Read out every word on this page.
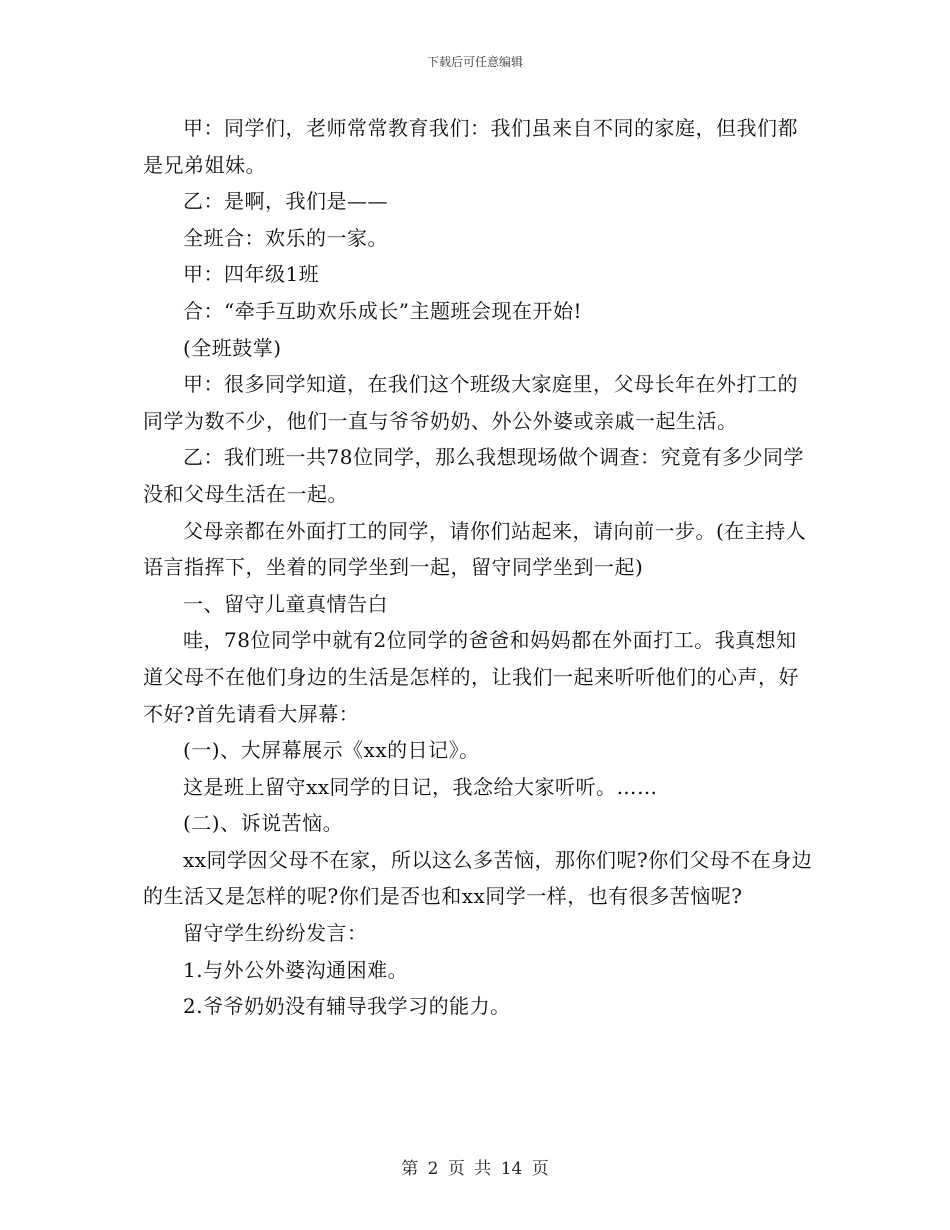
下载后可任意编辑

甲：同学们，老师常常教育我们：我们虽来自不同的家庭，但我们都是兄弟姐妹。

乙：是啊，我们是——

全班合：欢乐的一家。

甲：四年级1班

合：“牵手互助欢乐成长”主题班会现在开始!

(全班鼓掌)

甲：很多同学知道，在我们这个班级大家庭里，父母长年在外打工的同学为数不少，他们一直与爷爷奶奶、外公外婆或亲戚一起生活。

乙：我们班一共78位同学，那么我想现场做个调查：究竟有多少同学没和父母生活在一起。

父母亲都在外面打工的同学，请你们站起来，请向前一步。(在主持人语言指挥下，坐着的同学坐到一起，留守同学坐到一起)

一、留守儿童真情告白

哇，78位同学中就有2位同学的爸爸和妈妈都在外面打工。我真想知道父母不在他们身边的生活是怎样的，让我们一起来听听他们的心声，好不好?首先请看大屏幕：

(一)、大屏幕展示《xx的日记》。

这是班上留守xx同学的日记，我念给大家听听。……

(二)、诉说苦恼。

xx同学因父母不在家，所以这么多苦恼，那你们呢?你们父母不在身边的生活又是怎样的呢?你们是否也和xx同学一样，也有很多苦恼呢?

留守学生纷纷发言：

1.与外公外婆沟通困难。

2.爷爷奶奶没有辅导我学习的能力。

第 2 页 共 14 页
